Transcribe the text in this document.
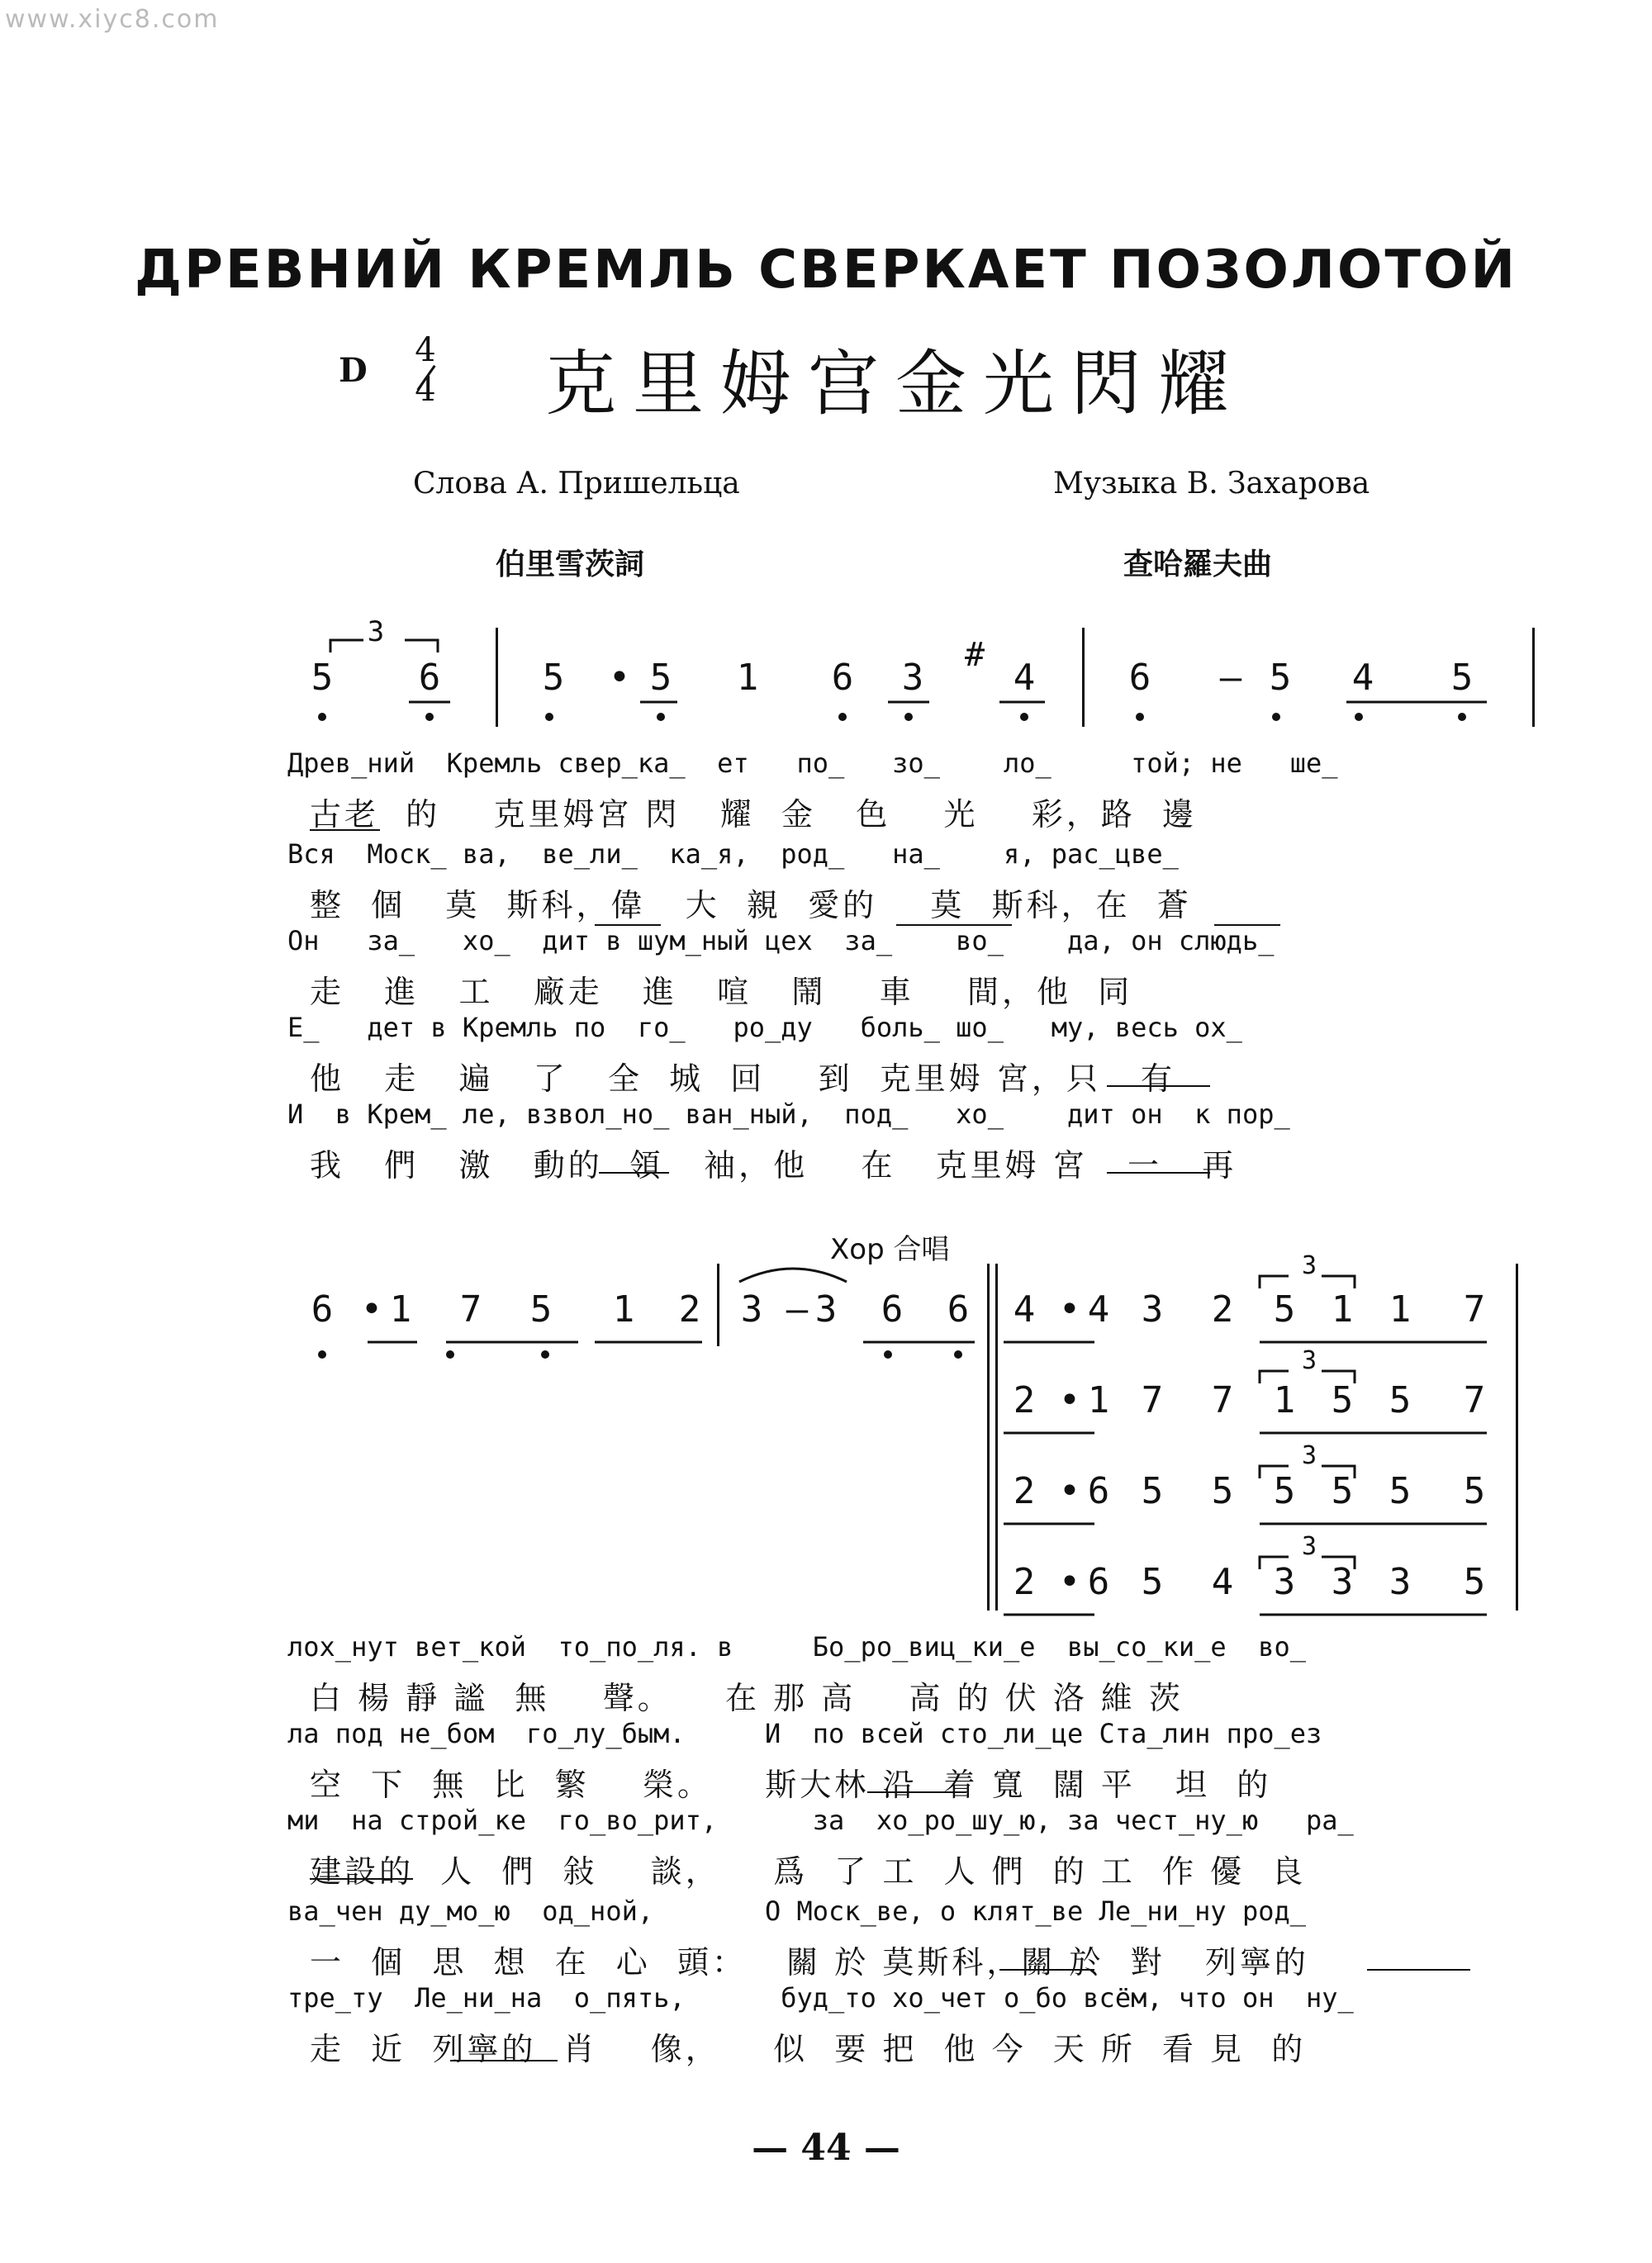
www.xiyc8.com
ДРЕВНИЙ КРЕМЛЬ СВЕРКАЕТ ПОЗОЛОТОЙ
D
4
4 克里姆宫金光閃耀
Слова А. Пришельца	Музыка В. Захарова
伯里雪茨詞	查哈羅夫曲
5	6	5	• 5	1	6	3	4	6	— 5	4	5
3
#
Древ_ний  Кремль свер_ка_  ет   по_   зо_    ло_     той; не   ше_
古老  的    克里姆宮 閃   耀  金   色    光    彩，路  邊
Вся  Моск_ ва,  ве_ли_  ка_я,  род_   на_    я, рас_цве_
整  個   莫  斯科，偉   大  親  愛的    莫  斯科，在  蒼
Он   за_   хо_  дит в шум_ный цех  за_    во_    да, он слюдь_
走   進   工   廠走   進   喧   鬧    車    間，他  同
Е_   дет в Кремль по  го_   ро_ду   боль_ шо_   му, весь ох_
他   走   遍   了   全  城  回    到  克里姆 宮，只   有
И  в Крем_ ле, взвол_но_ ван_ный,  под_   хо_    дит он  к пор_
我   們   激   動的  領   袖，他    在   克里姆 宮   一   再
Хор 合唱
6 • 1	7	5	1	2	3 — 3	6	6	4 • 4 3	2	5 1 1	7
2 • 1 7	7	1 5 5	7
2 • 6 5	5	5 5 5	5
2 • 6 5	4	3 3 3	5
3
3
3
3
лох_нут вет_кой  то_по_ля. в     Бо_ро_виц_ки_е  вы_со_ки_е  во_
白 楊 靜 謐  無    聲。    在 那 高    高 的 伏 洛 維 茨
ла под не_бом  го_лу_бым.     И  по всей сто_ли_це Ста_лин про_ез
空  下  無  比  繁    榮。    斯大林 沿  着 寬  闊 平   坦  的
ми  на строй_ке  го_во_рит,      за  хо_ро_шу_ю, за чест_ну_ю   ра_
建設的  人  們  敍    談，    爲  了 工  人 們  的 工  作 優  良
ва_чен ду_мо_ю  од_ной,       О Моск_ве, о клят_ве Ле_ни_ну род_
一  個  思  想  在  心  頭：   關 於 莫斯科，關 於  對   列寧的
тре_ту  Ле_ни_на  о_пять,      буд_то хо_чет о_бо всём, что он  ну_
走  近  列寧的  肖    像，    似  要 把  他 今  天 所  看 見  的
— 44 —
